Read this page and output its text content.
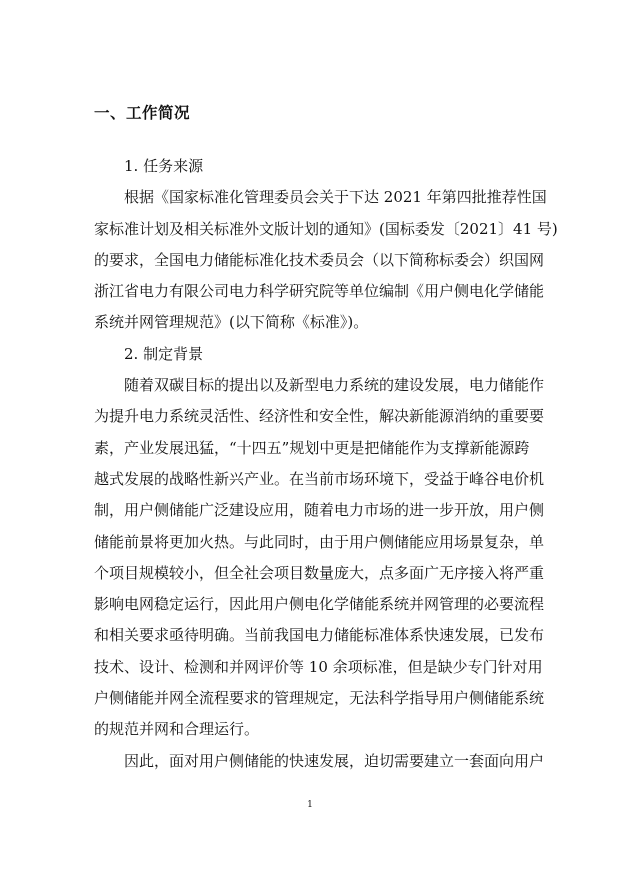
一、工作简况
1. 任务来源
根据《国家标准化管理委员会关于下达 2021 年第四批推荐性国
家标准计划及相关标准外文版计划的通知》(国标委发〔2021〕41 号)
的要求，全国电力储能标准化技术委员会（以下简称标委会）织国网
浙江省电力有限公司电力科学研究院等单位编制《用户侧电化学储能
系统并网管理规范》(以下简称《标准》)。
2. 制定背景
随着双碳目标的提出以及新型电力系统的建设发展，电力储能作
为提升电力系统灵活性、经济性和安全性，解决新能源消纳的重要要
素，产业发展迅猛，“十四五”规划中更是把储能作为支撑新能源跨
越式发展的战略性新兴产业。在当前市场环境下，受益于峰谷电价机
制，用户侧储能广泛建设应用，随着电力市场的进一步开放，用户侧
储能前景将更加火热。与此同时，由于用户侧储能应用场景复杂，单
个项目规模较小，但全社会项目数量庞大，点多面广无序接入将严重
影响电网稳定运行，因此用户侧电化学储能系统并网管理的必要流程
和相关要求亟待明确。当前我国电力储能标准体系快速发展，已发布
技术、设计、检测和并网评价等 10 余项标准，但是缺少专门针对用
户侧储能并网全流程要求的管理规定，无法科学指导用户侧储能系统
的规范并网和合理运行。
因此，面对用户侧储能的快速发展，迫切需要建立一套面向用户
1
